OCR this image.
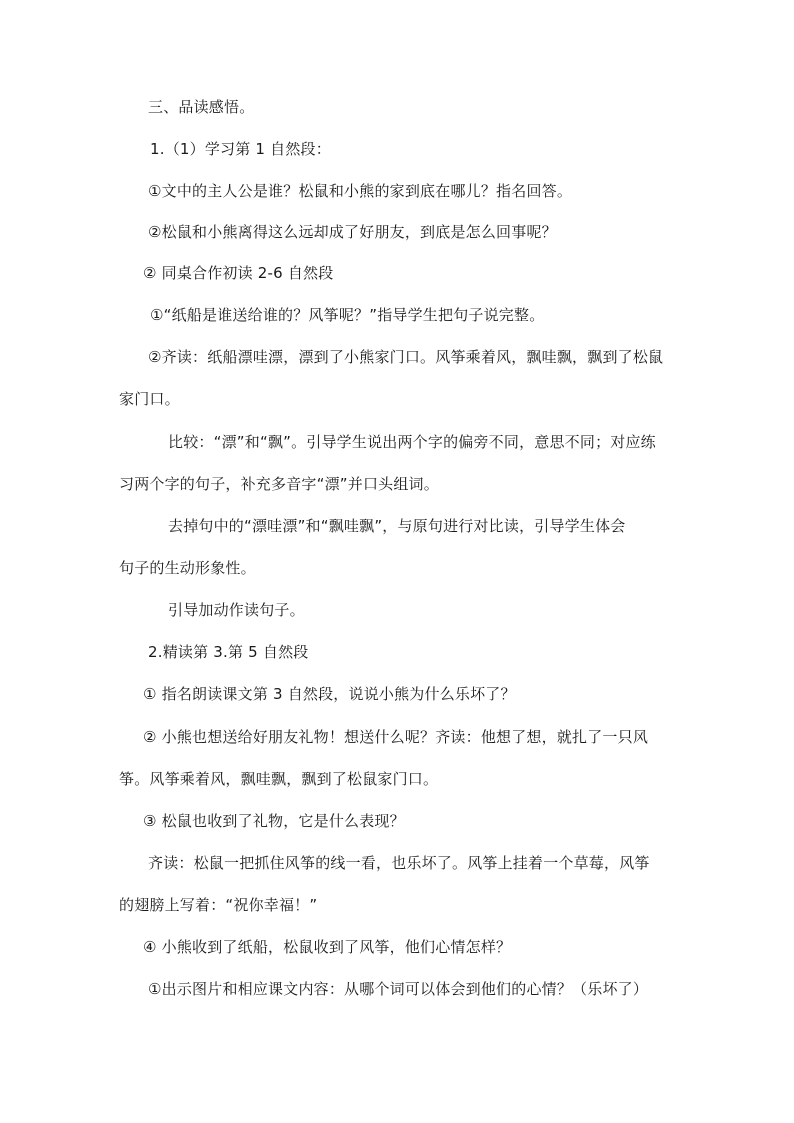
三、品读感悟。
1.（1）学习第 1 自然段：
①文中的主人公是谁？松鼠和小熊的家到底在哪儿？指名回答。
②松鼠和小熊离得这么远却成了好朋友，到底是怎么回事呢？
② 同桌合作初读 2-6 自然段
①“纸船是谁送给谁的？风筝呢？”指导学生把句子说完整。
②齐读：纸船漂哇漂，漂到了小熊家门口。风筝乘着风，飘哇飘，飘到了松鼠
家门口。
比较：“漂”和“飘”。引导学生说出两个字的偏旁不同，意思不同；对应练
习两个字的句子，补充多音字“漂”并口头组词。
去掉句中的“漂哇漂”和“飘哇飘”，与原句进行对比读，引导学生体会
句子的生动形象性。
引导加动作读句子。
2.精读第 3.第 5 自然段
① 指名朗读课文第 3 自然段，说说小熊为什么乐坏了？
② 小熊也想送给好朋友礼物！想送什么呢？齐读：他想了想，就扎了一只风
筝。风筝乘着风，飘哇飘，飘到了松鼠家门口。
③ 松鼠也收到了礼物，它是什么表现？
齐读：松鼠一把抓住风筝的线一看，也乐坏了。风筝上挂着一个草莓，风筝
的翅膀上写着：“祝你幸福！”
④ 小熊收到了纸船，松鼠收到了风筝，他们心情怎样？
①出示图片和相应课文内容：从哪个词可以体会到他们的心情？（乐坏了）
